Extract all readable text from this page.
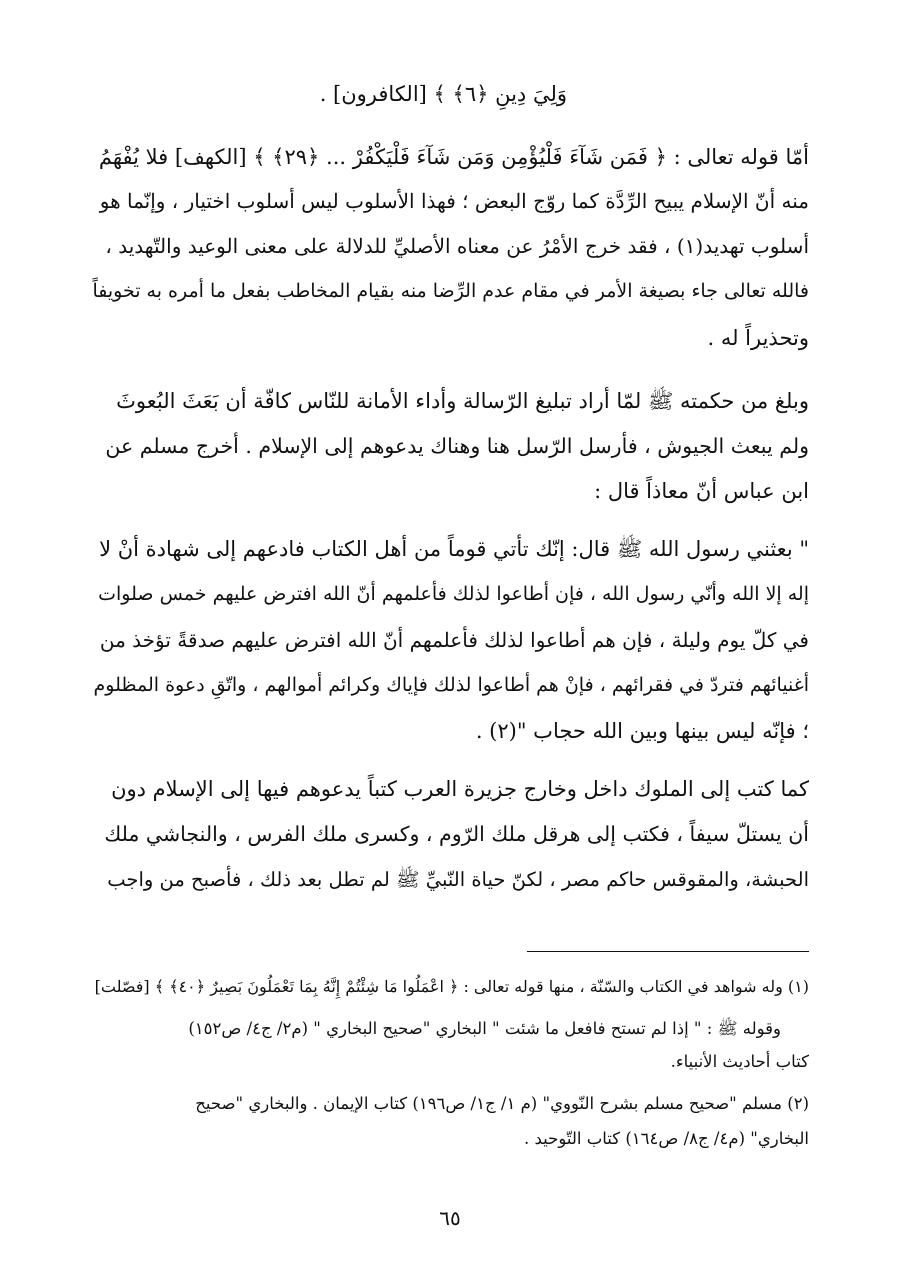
وَلِيَ دِينِ ﴿٦﴾ ﴾ [الكافرون] .
أمّا قوله تعالى : ﴿ فَمَن شَآءَ فَلْيُؤْمِن وَمَن شَآءَ فَلْيَكْفُرْ ... ﴿٢٩﴾ ﴾ [الكهف] فلا يُفْهَمُ
منه أنّ الإسلام يبيح الرِّدَّة كما روّج البعض ؛ فهذا الأسلوب ليس أسلوب اختيار ، وإنّما هو
أسلوب تهديد(١) ، فقد خرج الأمْرُ عن معناه الأصليِّ للدلالة على معنى الوعيد والتّهديد ،
فالله تعالى جاء بصيغة الأمر في مقام عدم الرِّضا منه بقيام المخاطب بفعل ما أمره به تخويفاً
وتحذيراً له .
وبلغ من حكمته ﷺ لمّا أراد تبليغ الرّسالة وأداء الأمانة للنّاس كافّة أن بَعَثَ البُعوثَ
ولم يبعث الجيوش ، فأرسل الرّسل هنا وهناك يدعوهم إلى الإسلام . أخرج مسلم عن
ابن عباس أنّ معاذاً قال :
" بعثني رسول الله ﷺ قال: إنّك تأتي قوماً من أهل الكتاب فادعهم إلى شهادة أنْ لا
إله إلا الله وأنّي رسول الله ، فإن أطاعوا لذلك فأعلمهم أنّ الله افترض عليهم خمس صلوات
في كلّ يوم وليلة ، فإن هم أطاعوا لذلك فأعلمهم أنّ الله افترض عليهم صدقةً تؤخذ من
أغنيائهم فتردّ في فقرائهم ، فإنْ هم أطاعوا لذلك فإياك وكرائم أموالهم ، واتّقِ دعوة المظلوم
؛ فإنّه ليس بينها وبين الله حجاب "(٢) .
كما كتب إلى الملوك داخل وخارج جزيرة العرب كتباً يدعوهم فيها إلى الإسلام دون
أن يستلّ سيفاً ، فكتب إلى هرقل ملك الرّوم ، وكسرى ملك الفرس ، والنجاشي ملك
الحبشة، والمقوقس حاكم مصر ، لكنّ حياة النّبيِّ ﷺ لم تطل بعد ذلك ، فأصبح من واجب
(١) وله شواهد في الكتاب والسّنّة ، منها قوله تعالى : ﴿ اعْمَلُوا مَا شِئْتُمْ إِنَّهُ بِمَا تَعْمَلُونَ بَصِيرٌ ﴿٤٠﴾ ﴾ [فصّلت]
وقوله ﷺ : " إذا لم تستح فافعل ما شئت " البخاري "صحيح البخاري " (م٢/ ج٤/ ص١٥٢)
كتاب أحاديث الأنبياء.
(٢) مسلم "صحيح مسلم بشرح النّووي" (م ١/ ج١/ ص١٩٦) كتاب الإيمان . والبخاري "صحيح
البخاري" (م٤/ ج٨/ ص١٦٤) كتاب التّوحيد .
٦٥
